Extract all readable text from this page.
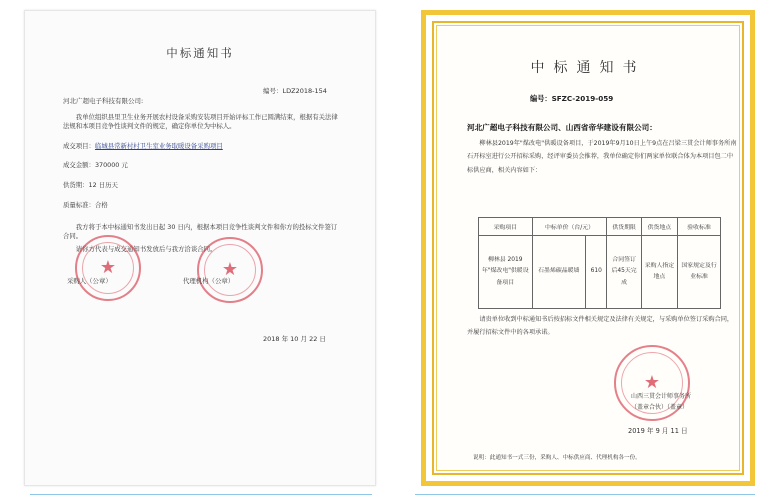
中标通知书
编号：LDZ2018-154
河北广超电子科技有限公司:
我单位组织县里卫生业务开展农村设备采购安装项目开始评标工作已圆满结束，根据有关法律法规和本项目竞争性谈判文件的规定，确定你单位为中标人。
成交项目：临城县常新村村卫生室业务取暖设备采购项目
成交金额：370000 元
供货期：12 日历天
质量标准：合格
我方将于本中标通知书发出日起 30 日内，根据本项目竞争性谈判文件和你方的投标文件签订合同。
请你方代表与成交通知书发放后与我方洽谈合同。
★	★
采购人（公章）	代理机构（公章）
2018 年 10 月 22 日
中标通知书
编号：SFZC-2019-059
河北广超电子科技有限公司、山西省帝华建设有限公司：
柳林县2019年"煤改电"供暖设备项目，于2019年9月10日上午9点在吕梁三贯会计师事务所南石开标室进行公开招标采购，经评审委员会推荐，我单位确定你们两家单位联合体为本项目包二中标供应商，相关内容如下：
采购项目	中标单价（台/元）		供货期限	供货地点	验收标准
柳林县 2019 年"煤改电"供暖设备项目	石墨烯碳晶暖墙	610	合同签订后45天完成	采购人指定地点	国家规定及行业标准
请贵单位收到中标通知书后按招标文件相关规定及法律有关规定，与采购单位签订采购合同，并履行招标文件中的各项承诺。
★
山西三贯会计师事务所
（盖章合伙）（盖章）
2019 年 9 月 11 日
说明：此通知书一式三份，采购人、中标供应商、代理机构各一份。
